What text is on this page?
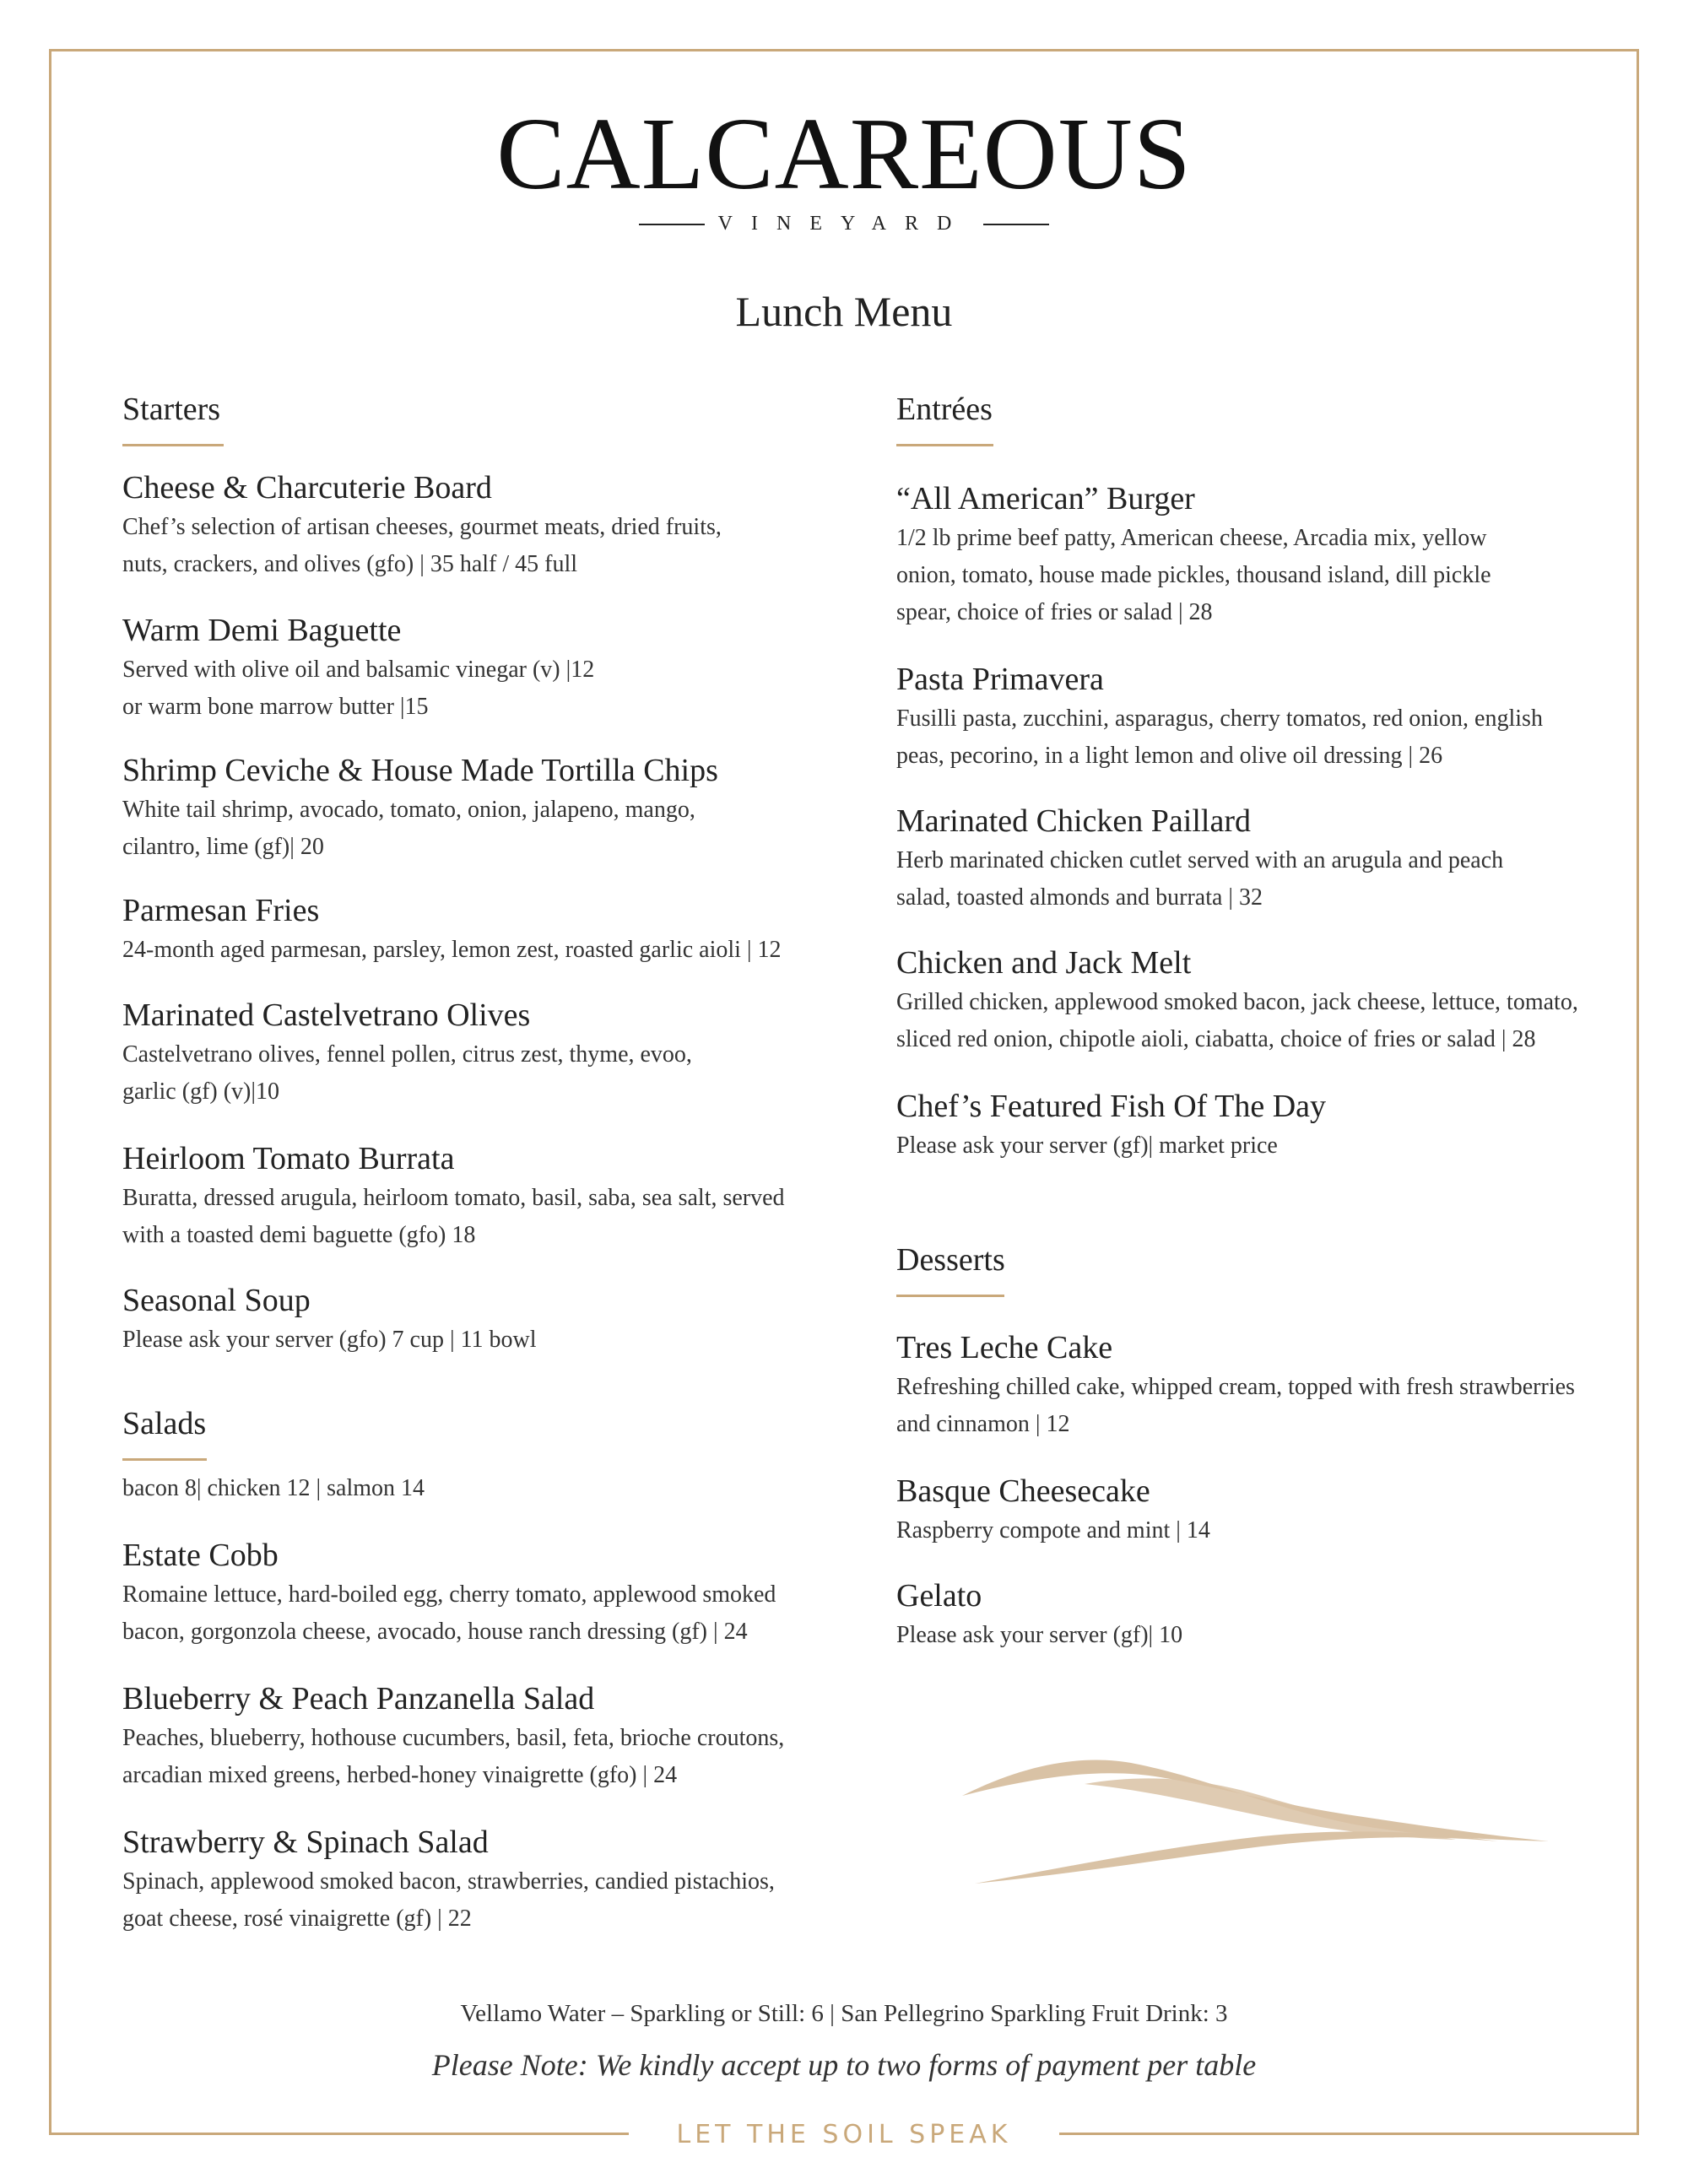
LET THE SOIL SPEAK
CALCAREOUS
VINEYARD
Lunch Menu
Starters
Cheese & Charcuterie Board
Chef’s selection of artisan cheeses, gourmet meats, dried fruits,
nuts, crackers, and olives (gfo) | 35 half / 45 full
Warm Demi Baguette
Served with olive oil and balsamic vinegar (v) |12
or warm bone marrow butter |15
Shrimp Ceviche & House Made Tortilla Chips
White tail shrimp, avocado, tomato, onion, jalapeno, mango,
cilantro, lime (gf)| 20
Parmesan Fries
24-month aged parmesan, parsley, lemon zest, roasted garlic aioli | 12
Marinated Castelvetrano Olives
Castelvetrano olives, fennel pollen, citrus zest, thyme, evoo,
garlic (gf) (v)|10
Heirloom Tomato Burrata
Buratta, dressed arugula, heirloom tomato, basil, saba, sea salt, served
with a toasted demi baguette (gfo) 18
Seasonal Soup
Please ask your server (gfo) 7 cup | 11 bowl
Salads
bacon 8| chicken 12 | salmon 14
Estate Cobb
Romaine lettuce, hard-boiled egg, cherry tomato, applewood smoked
bacon, gorgonzola cheese, avocado, house ranch dressing (gf) | 24
Blueberry & Peach Panzanella Salad
Peaches, blueberry, hothouse cucumbers, basil, feta, brioche croutons,
arcadian mixed greens, herbed-honey vinaigrette (gfo) | 24
Strawberry & Spinach Salad
Spinach, applewood smoked bacon, strawberries, candied pistachios,
goat cheese, rosé vinaigrette (gf) | 22
Entrées
“All American” Burger
1/2 lb prime beef patty, American cheese, Arcadia mix, yellow
onion, tomato, house made pickles, thousand island, dill pickle
spear, choice of fries or salad | 28
Pasta Primavera
Fusilli pasta, zucchini, asparagus, cherry tomatos, red onion, english
peas, pecorino, in a light lemon and olive oil dressing | 26
Marinated Chicken Paillard
Herb marinated chicken cutlet served with an arugula and peach
salad, toasted almonds and burrata | 32
Chicken and Jack Melt
Grilled chicken, applewood smoked bacon, jack cheese, lettuce, tomato,
sliced red onion, chipotle aioli, ciabatta, choice of fries or salad | 28
Chef’s Featured Fish Of The Day
Please ask your server (gf)| market price
Desserts
Tres Leche Cake
Refreshing chilled cake, whipped cream, topped with fresh strawberries
and cinnamon | 12
Basque Cheesecake
Raspberry compote and mint | 14
Gelato
Please ask your server (gf)| 10
Vellamo Water – Sparkling or Still: 6 | San Pellegrino Sparkling Fruit Drink: 3
Please Note: We kindly accept up to two forms of payment per table
